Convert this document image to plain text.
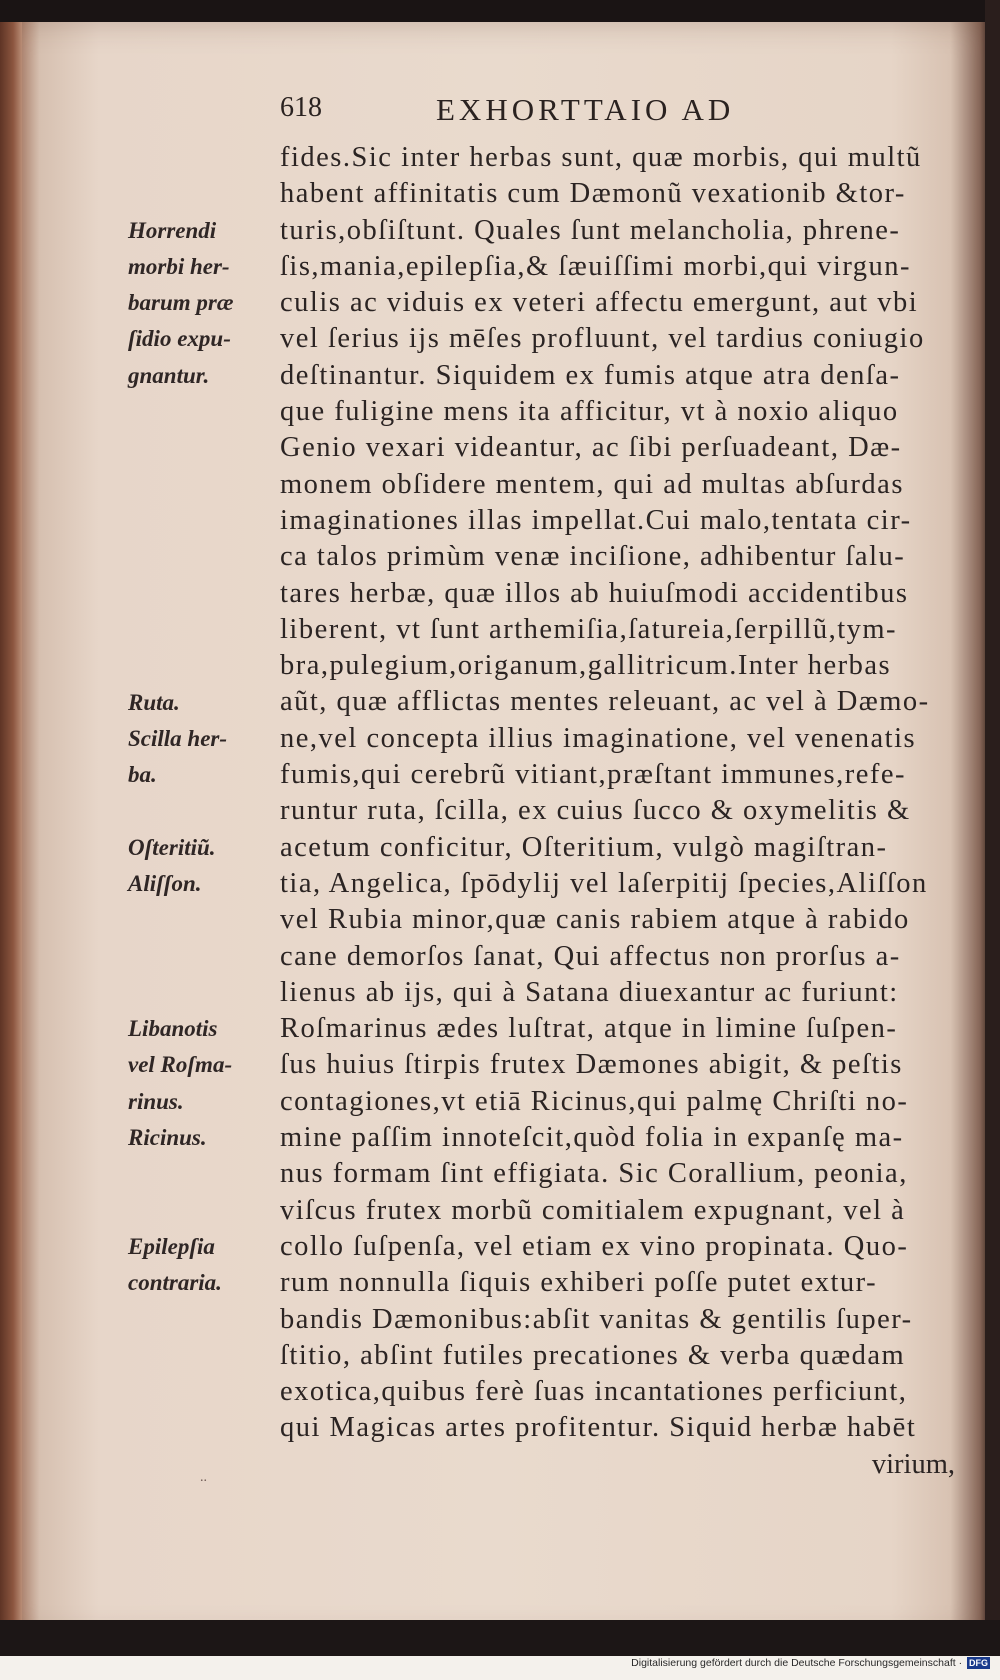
618	EXHORTTAIO AD
fides.Sic inter herbas sunt, quæ morbis, qui multũ
habent affinitatis cum Dæmonũ vexationib &tor-
turis,obſiſtunt. Quales ſunt melancholia, phrene-
ſis,mania,epilepſia,& ſæuiſſimi morbi,qui virgun-
culis ac viduis ex veteri affectu emergunt, aut vbi
vel ſerius ijs mēſes profluunt, vel tardius coniugio
deſtinantur. Siquidem ex fumis atque atra denſa-
que fuligine mens ita afficitur, vt à noxio aliquo
Genio vexari videantur, ac ſibi perſuadeant, Dæ-
monem obſidere mentem, qui ad multas abſurdas
imaginationes illas impellat.Cui malo,tentata cir-
ca talos primùm venæ inciſione, adhibentur ſalu-
tares herbæ, quæ illos ab huiuſmodi accidentibus
liberent, vt ſunt arthemiſia,ſatureia,ſerpillũ,tym-
bra,pulegium,origanum,gallitricum.Inter herbas
aũt, quæ afflictas mentes releuant, ac vel à Dæmo-
ne,vel concepta illius imaginatione, vel venenatis
fumis,qui cerebrũ vitiant,præſtant immunes,refe-
runtur ruta, ſcilla, ex cuius ſucco & oxymelitis &
acetum conficitur, Oſteritium, vulgò magiſtran-
tia, Angelica, ſpōdylij vel laſerpitij ſpecies,Aliſſon
vel Rubia minor,quæ canis rabiem atque à rabido
cane demorſos ſanat, Qui affectus non prorſus a-
lienus ab ijs, qui à Satana diuexantur ac furiunt:
Roſmarinus ædes luſtrat, atque in limine ſuſpen-
ſus huius ſtirpis frutex Dæmones abigit, & peſtis
contagiones,vt etiā Ricinus,qui palmę Chriſti no-
mine paſſim innoteſcit,quòd folia in expanſę ma-
nus formam ſint effigiata. Sic Corallium, peonia,
viſcus frutex morbũ comitialem expugnant, vel à
collo ſuſpenſa, vel etiam ex vino propinata. Quo-
rum nonnulla ſiquis exhiberi poſſe putet extur-
bandis Dæmonibus:abſit vanitas & gentilis ſuper-
ſtitio, abſint futiles precationes & verba quædam
exotica,quibus ferè ſuas incantationes perficiunt,
qui Magicas artes profitentur. Siquid herbæ habēt
virium,
Horrendi
morbi her-
barum præ
ſidio expu-
gnantur.
Ruta.
Scilla her-
ba.
Oſteritiũ.
Aliſſon.
Libanotis
vel Roſma-
rinus.
Ricinus.
Epilepſia
contraria.
..
Digitalisierung gefördert durch die Deutsche Forschungsgemeinschaft · DFG
